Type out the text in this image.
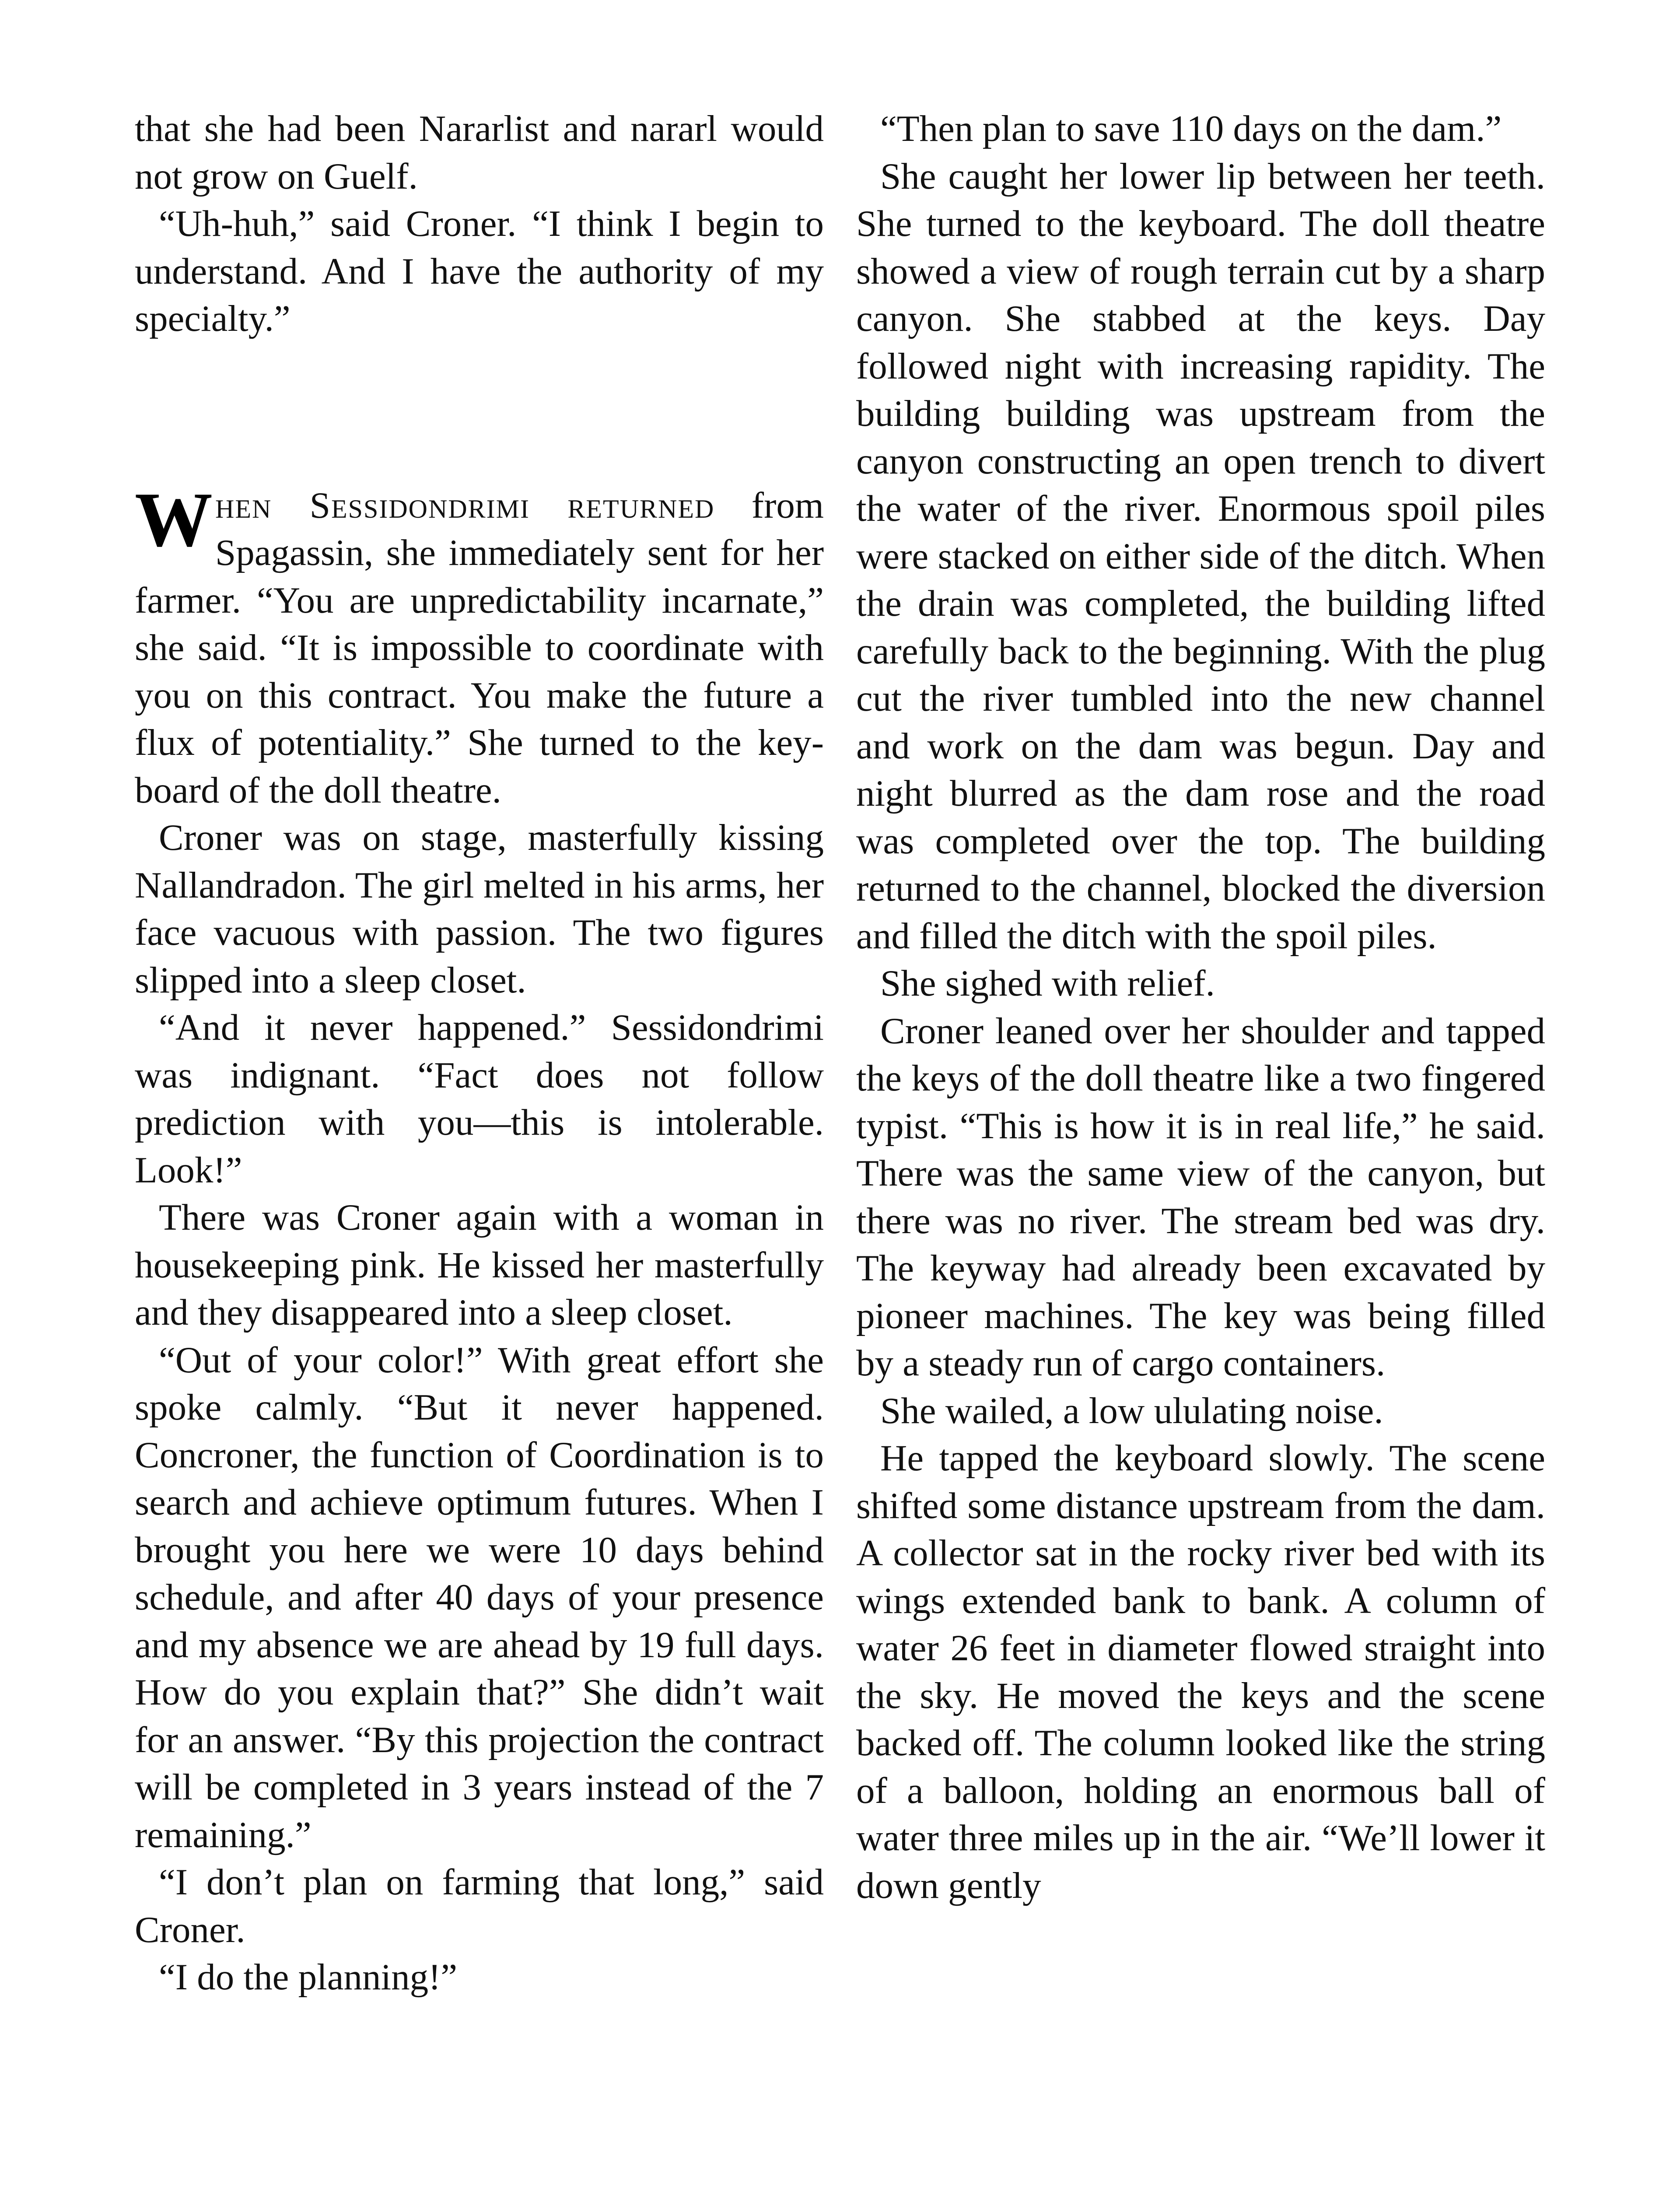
that she had been Nararlist and nararl would not grow on Guelf.

“Uh-huh,” said Croner. “I think I begin to understand. And I have the authority of my specialty.”

When Sessidondrimi returned from Spagassin, she immediately sent for her farmer. “You are unpredictability incarnate,” she said. “It is impossible to coordinate with you on this contract. You make the future a flux of potentiality.” She turned to the keyboard of the doll theatre.

Croner was on stage, masterfully kissing Nallandradon. The girl melted in his arms, her face vacuous with passion. The two figures slipped into a sleep closet.

“And it never happened.” Sessidondrimi was indignant. “Fact does not follow prediction with you—this is intolerable. Look!”

There was Croner again with a woman in housekeeping pink. He kissed her masterfully and they disappeared into a sleep closet.

“Out of your color!” With great effort she spoke calmly. “But it never happened. Concroner, the function of Coordination is to search and achieve optimum futures. When I brought you here we were 10 days behind schedule, and after 40 days of your presence and my absence we are ahead by 19 full days. How do you explain that?” She didn’t wait for an answer. “By this projection the contract will be completed in 3 years instead of the 7 remaining.”

“I don’t plan on farming that long,” said Croner.

“I do the planning!”

“Then plan to save 110 days on the dam.”

She caught her lower lip between her teeth. She turned to the keyboard. The doll theatre showed a view of rough terrain cut by a sharp canyon. She stabbed at the keys. Day followed night with increasing rapidity. The building building was upstream from the canyon constructing an open trench to divert the water of the river. Enormous spoil piles were stacked on either side of the ditch. When the drain was completed, the building lifted carefully back to the beginning. With the plug cut the river tumbled into the new channel and work on the dam was begun. Day and night blurred as the dam rose and the road was completed over the top. The building returned to the channel, blocked the diversion and filled the ditch with the spoil piles.

She sighed with relief.

Croner leaned over her shoulder and tapped the keys of the doll theatre like a two fingered typist. “This is how it is in real life,” he said. There was the same view of the canyon, but there was no river. The stream bed was dry. The keyway had already been excavated by pioneer machines. The key was being filled by a steady run of cargo containers.

She wailed, a low ululating noise.

He tapped the keyboard slowly. The scene shifted some distance upstream from the dam. A collector sat in the rocky river bed with its wings extended bank to bank. A column of water 26 feet in diameter flowed straight into the sky. He moved the keys and the scene backed off. The column looked like the string of a balloon, holding an enormous ball of water three miles up in the air. “We’ll lower it down gently
